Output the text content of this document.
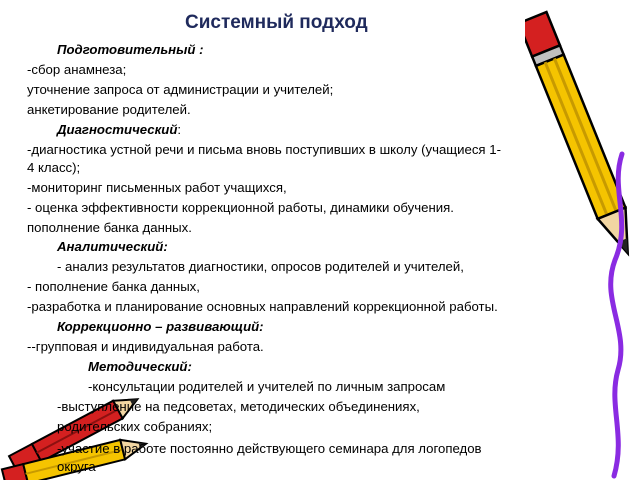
Системный подход
Подготовительный :
-сбор анамнеза;
уточнение запроса от администрации и учителей;
анкетирование родителей.
Диагностический:
-диагностика устной речи и письма вновь поступивших в школу (учащиеся 1-
4 класс);
-мониторинг письменных работ учащихся,
- оценка эффективности коррекционной работы, динамики обучения.
пополнение банка данных.
Аналитический:
- анализ результатов диагностики, опросов родителей и учителей,
- пополнение банка данных,
-разработка и планирование основных направлений коррекционной работы.
Коррекционно – развивающий:
--групповая и индивидуальная работа.
Методический:
-консультации родителей и учителей по личным запросам
-выступление на педсоветах, методических объединениях,
родительских собраниях;
-участие в работе постоянно действующего семинара для логопедов
округа
